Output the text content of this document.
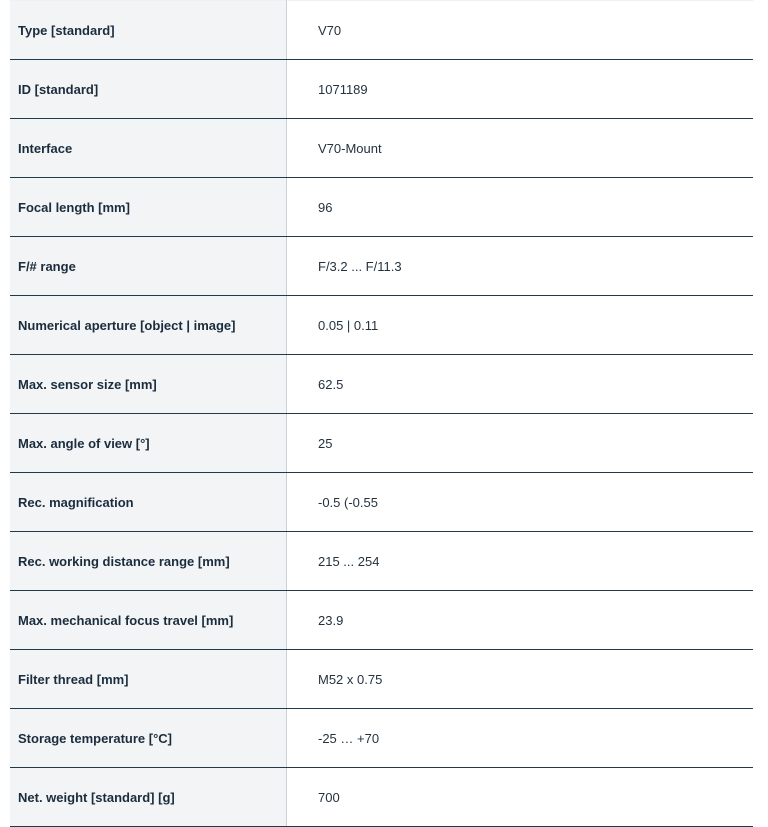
Type [standard]	V70
ID [standard]	1071189
Interface	V70-Mount
Focal length [mm]	96
F/# range	F/3.2 ... F/11.3
Numerical aperture [object | image]	0.05 | 0.11
Max. sensor size [mm]	62.5
Max. angle of view [°]	25
Rec. magnification	-0.5 (-0.55
Rec. working distance range [mm]	215 ... 254
Max. mechanical focus travel [mm]	23.9
Filter thread [mm]	M52 x 0.75
Storage temperature [°C]	-25 … +70
Net. weight [standard] [g]	700
